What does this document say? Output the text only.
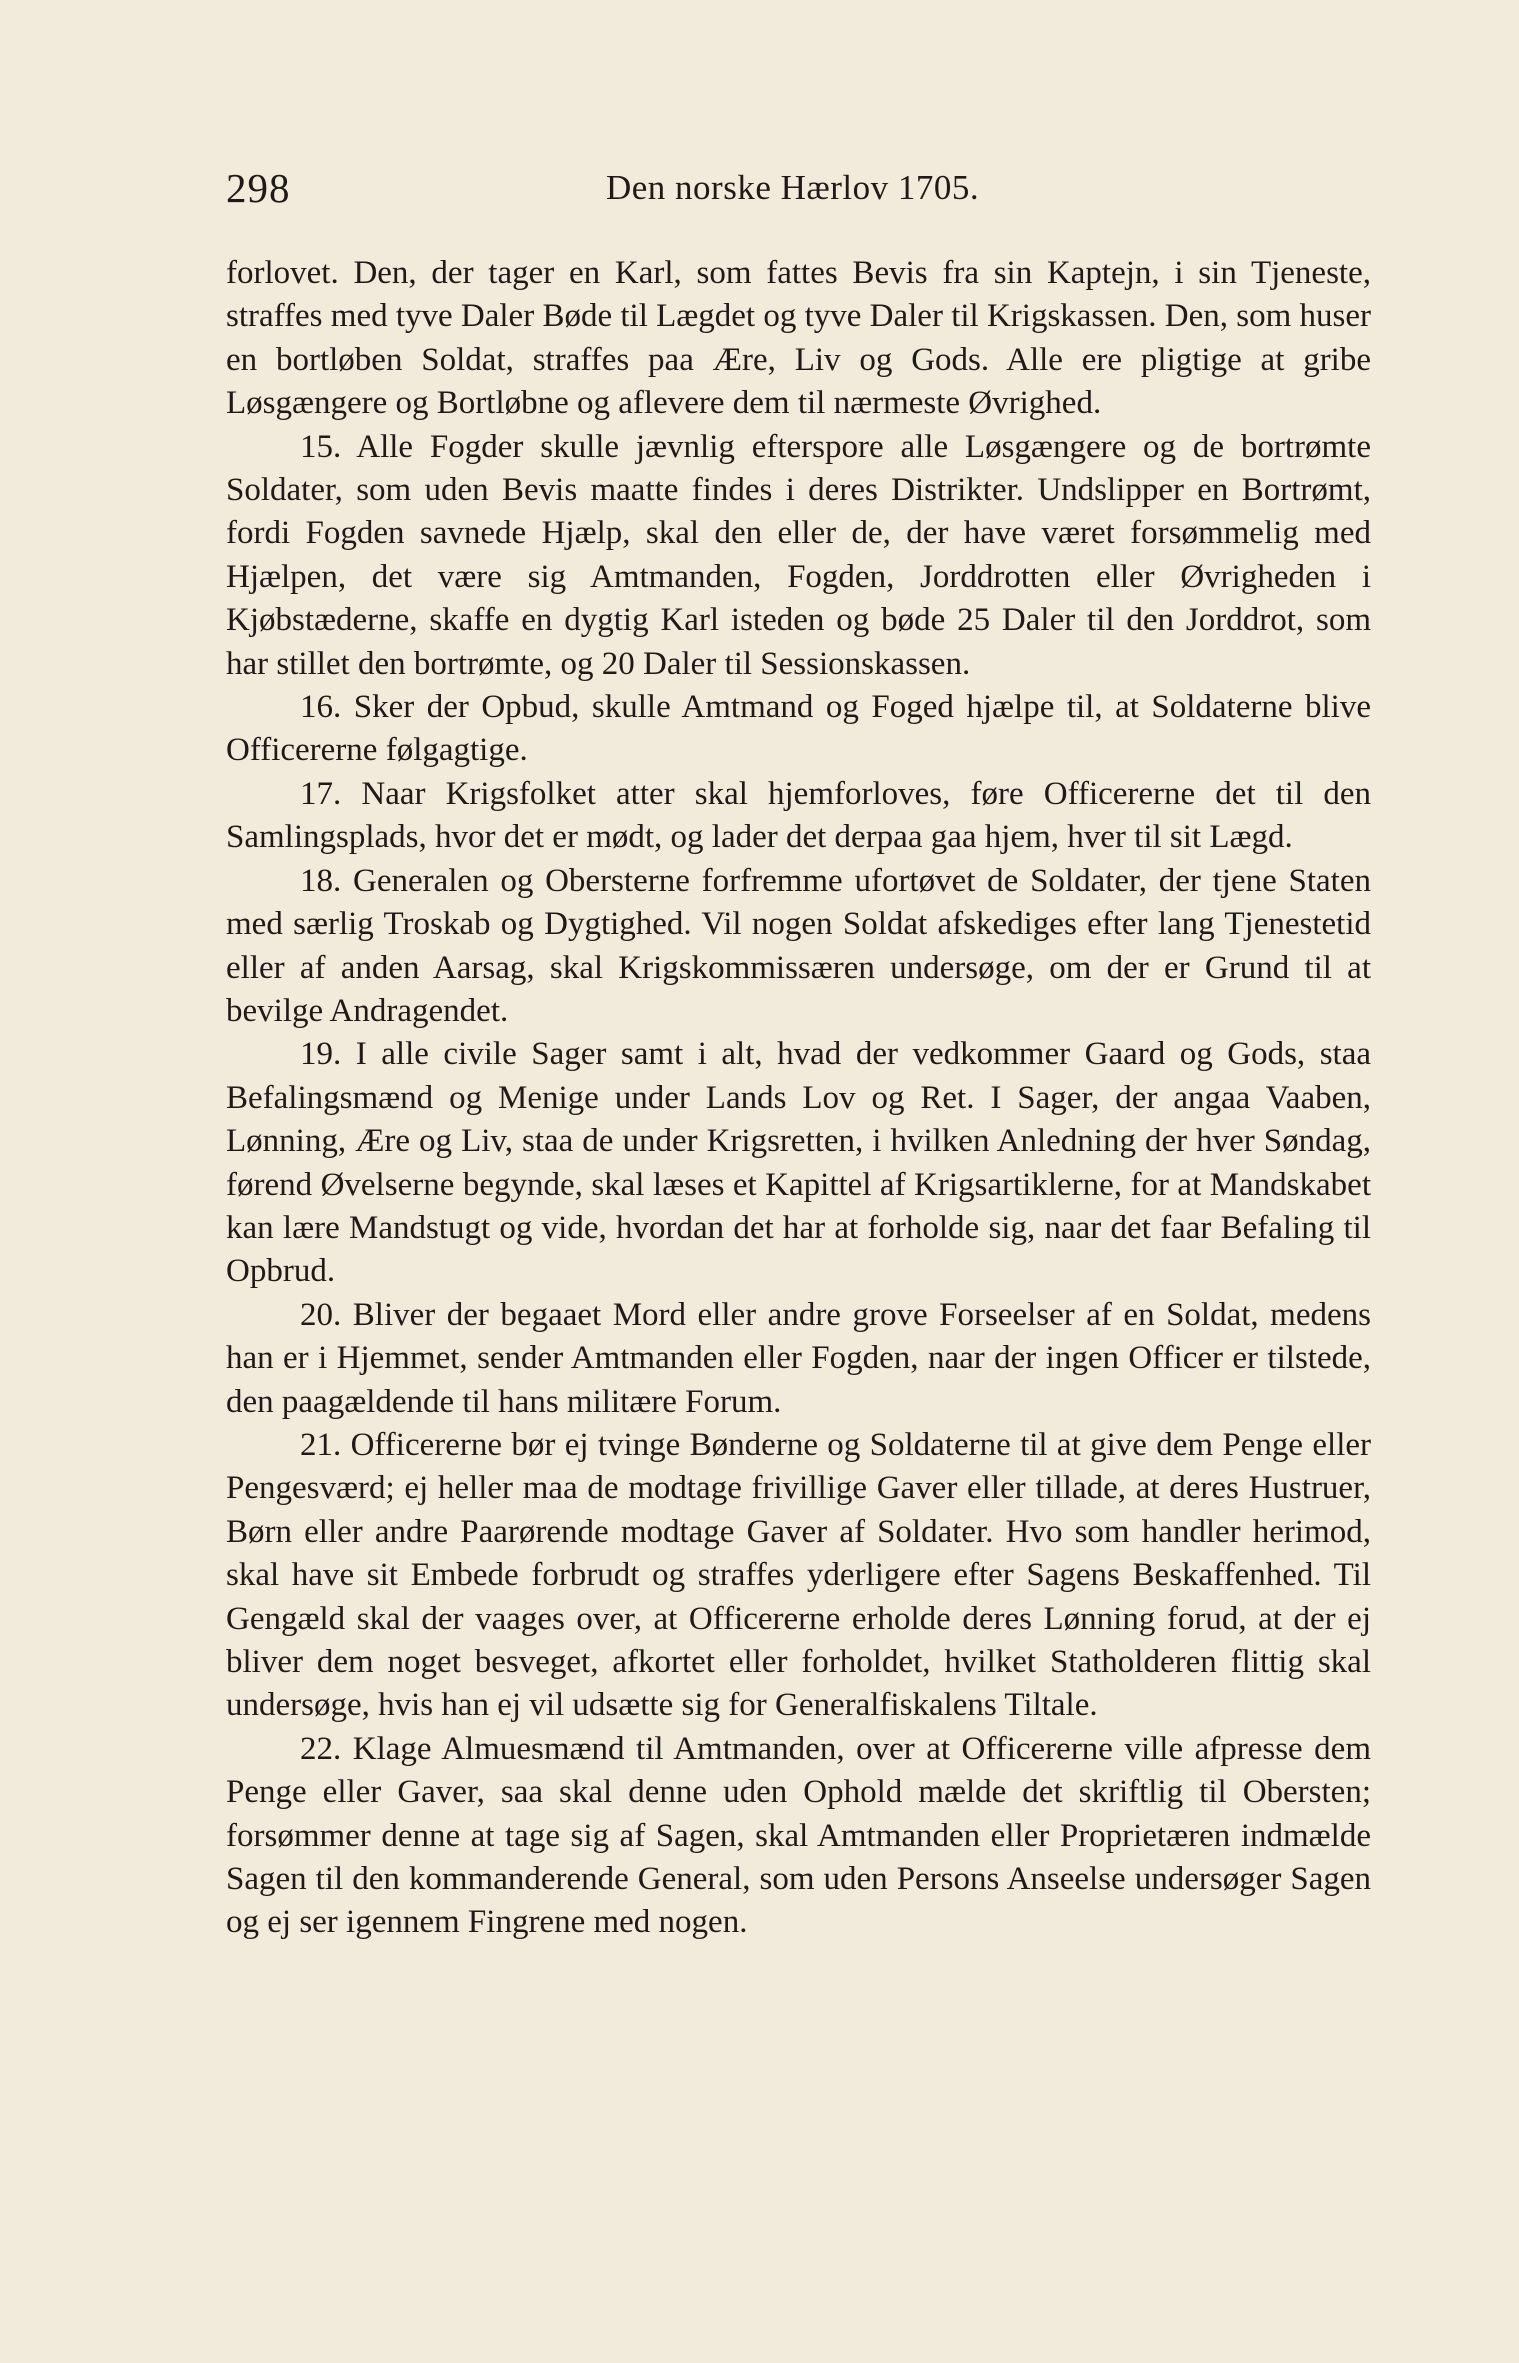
298	Den norske Hærlov 1705.

forlovet. Den, der tager en Karl, som fattes Bevis fra sin Kaptejn, i sin Tjeneste, straffes med tyve Daler Bøde til Lægdet og tyve Daler til Krigskassen. Den, som huser en bortløben Soldat, straffes paa Ære, Liv og Gods. Alle ere pligtige at gribe Løsgængere og Bortløbne og aflevere dem til nærmeste Øvrighed.

15. Alle Fogder skulle jævnlig efterspore alle Løsgængere og de bortrømte Soldater, som uden Bevis maatte findes i deres Distrikter. Undslipper en Bortrømt, fordi Fogden savnede Hjælp, skal den eller de, der have været forsømmelig med Hjælpen, det være sig Amtmanden, Fogden, Jorddrotten eller Øvrigheden i Kjøbstæderne, skaffe en dygtig Karl isteden og bøde 25 Daler til den Jorddrot, som har stillet den bortrømte, og 20 Daler til Sessionskassen.

16. Sker der Opbud, skulle Amtmand og Foged hjælpe til, at Soldaterne blive Officererne følgagtige.

17. Naar Krigsfolket atter skal hjemforloves, føre Officererne det til den Samlingsplads, hvor det er mødt, og lader det derpaa gaa hjem, hver til sit Lægd.

18. Generalen og Obersterne forfremme ufortøvet de Soldater, der tjene Staten med særlig Troskab og Dygtighed. Vil nogen Soldat afskediges efter lang Tjenestetid eller af anden Aarsag, skal Krigskommissæren undersøge, om der er Grund til at bevilge Andragendet.

19. I alle civile Sager samt i alt, hvad der vedkommer Gaard og Gods, staa Befalingsmænd og Menige under Lands Lov og Ret. I Sager, der angaa Vaaben, Lønning, Ære og Liv, staa de under Krigsretten, i hvilken Anledning der hver Søndag, førend Øvelserne begynde, skal læses et Kapittel af Krigsartiklerne, for at Mandskabet kan lære Mandstugt og vide, hvordan det har at forholde sig, naar det faar Befaling til Opbrud.

20. Bliver der begaaet Mord eller andre grove Forseelser af en Soldat, medens han er i Hjemmet, sender Amtmanden eller Fogden, naar der ingen Officer er tilstede, den paagældende til hans militære Forum.

21. Officererne bør ej tvinge Bønderne og Soldaterne til at give dem Penge eller Pengesværd; ej heller maa de modtage frivillige Gaver eller tillade, at deres Hustruer, Børn eller andre Paarørende modtage Gaver af Soldater. Hvo som handler herimod, skal have sit Embede forbrudt og straffes yderligere efter Sagens Beskaffenhed. Til Gengæld skal der vaages over, at Officererne erholde deres Lønning forud, at der ej bliver dem noget besveget, afkortet eller forholdet, hvilket Statholderen flittig skal undersøge, hvis han ej vil udsætte sig for Generalfiskalens Tiltale.

22. Klage Almuesmænd til Amtmanden, over at Officererne ville afpresse dem Penge eller Gaver, saa skal denne uden Ophold mælde det skriftlig til Obersten; forsømmer denne at tage sig af Sagen, skal Amtmanden eller Proprietæren indmælde Sagen til den kommanderende General, som uden Persons Anseelse undersøger Sagen og ej ser igennem Fingrene med nogen.
